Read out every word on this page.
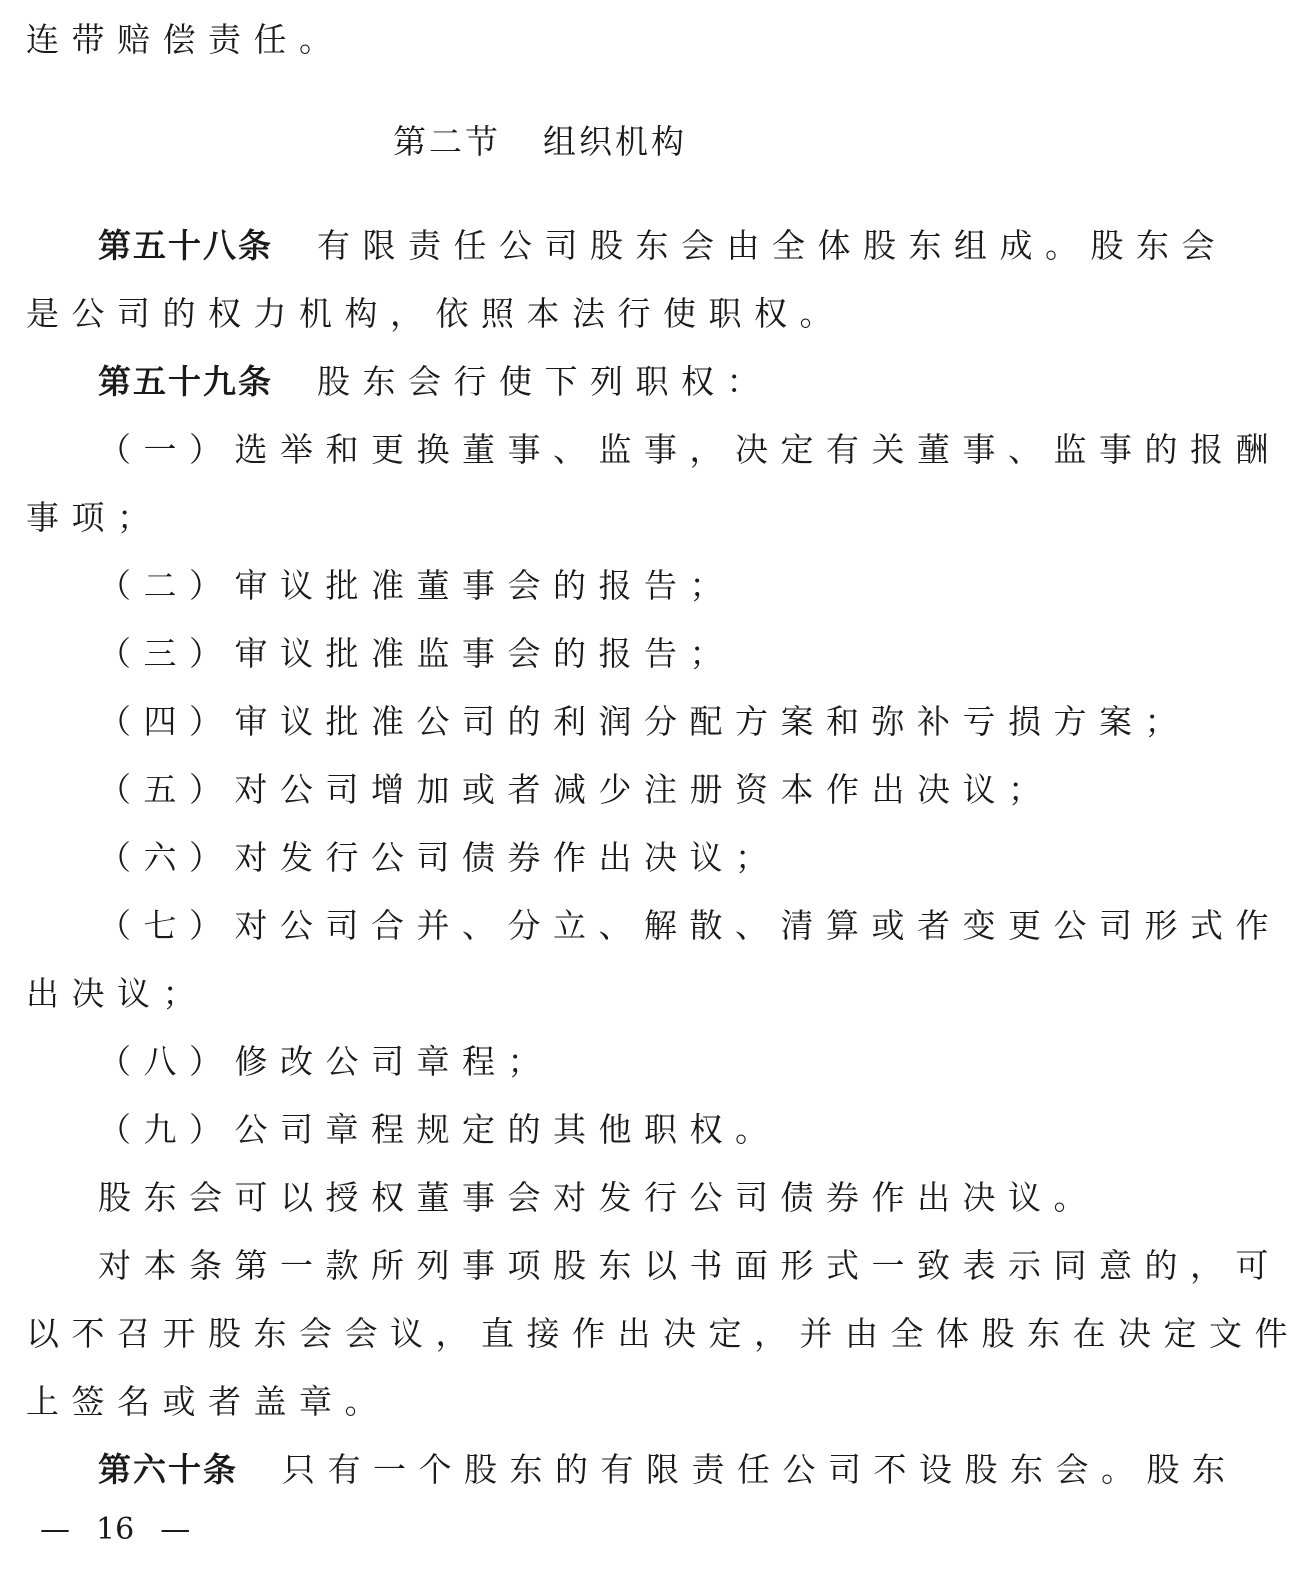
连带赔偿责任。
第二节 组织机构
第五十八条 有限责任公司股东会由全体股东组成。股东会
是公司的权力机构，依照本法行使职权。
第五十九条 股东会行使下列职权：
（一）选举和更换董事、监事，决定有关董事、监事的报酬
事项；
（二）审议批准董事会的报告；
（三）审议批准监事会的报告；
（四）审议批准公司的利润分配方案和弥补亏损方案；
（五）对公司增加或者减少注册资本作出决议；
（六）对发行公司债券作出决议；
（七）对公司合并、分立、解散、清算或者变更公司形式作
出决议；
（八）修改公司章程；
（九）公司章程规定的其他职权。
股东会可以授权董事会对发行公司债券作出决议。
对本条第一款所列事项股东以书面形式一致表示同意的，可
以不召开股东会会议，直接作出决定，并由全体股东在决定文件
上签名或者盖章。
第六十条 只有一个股东的有限责任公司不设股东会。股东
— 16 —
